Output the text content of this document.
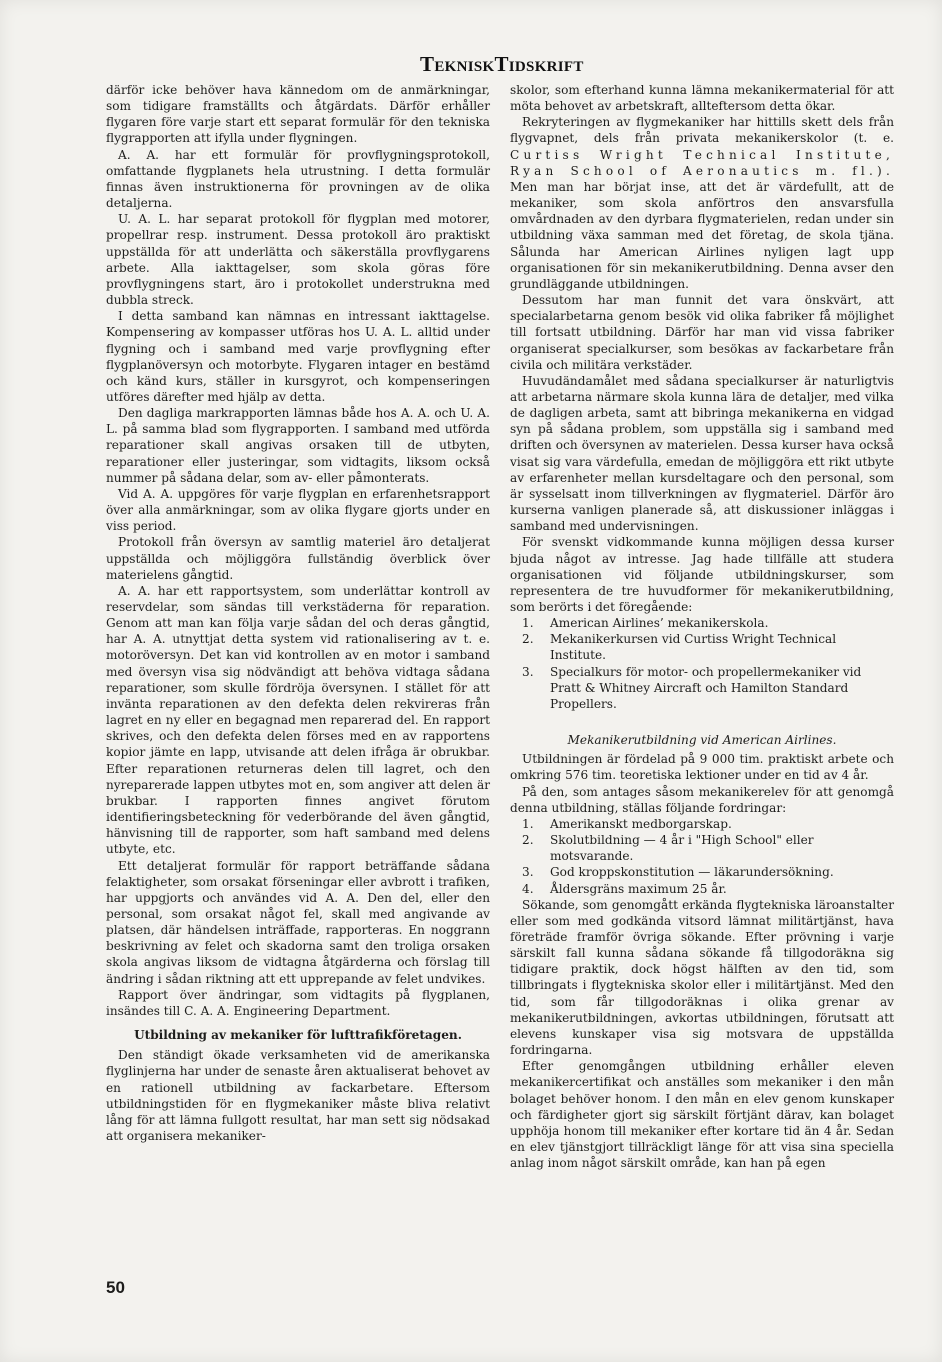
TEKNISKTIDSKRIFT

därför icke behöver hava kännedom om de anmärkningar, som tidigare framställts och åtgärdats. Därför erhåller flygaren före varje start ett separat formulär för den tekniska flygrapporten att ifylla under flygningen.

A. A. har ett formulär för provflygningsprotokoll, omfattande flygplanets hela utrustning. I detta formulär finnas även instruktionerna för provningen av de olika detaljerna.

U. A. L. har separat protokoll för flygplan med motorer, propellrar resp. instrument. Dessa protokoll äro praktiskt uppställda för att underlätta och säkerställa provflygarens arbete. Alla iakttagelser, som skola göras före provflygningens start, äro i protokollet understrukna med dubbla streck.

I detta samband kan nämnas en intressant iakttagelse. Kompensering av kompasser utföras hos U. A. L. alltid under flygning och i samband med varje provflygning efter flygplanöversyn och motorbyte. Flygaren intager en bestämd och känd kurs, ställer in kursgyrot, och kompenseringen utföres därefter med hjälp av detta.

Den dagliga markrapporten lämnas både hos A. A. och U. A. L. på samma blad som flygrapporten. I samband med utförda reparationer skall angivas orsaken till de utbyten, reparationer eller justeringar, som vidtagits, liksom också nummer på sådana delar, som av- eller påmonterats.

Vid A. A. uppgöres för varje flygplan en erfarenhetsrapport över alla anmärkningar, som av olika flygare gjorts under en viss period.

Protokoll från översyn av samtlig materiel äro detaljerat uppställda och möjliggöra fullständig överblick över materielens gångtid.

A. A. har ett rapportsystem, som underlättar kontroll av reservdelar, som sändas till verkstäderna för reparation. Genom att man kan följa varje sådan del och deras gångtid, har A. A. utnyttjat detta system vid rationalisering av t. e. motoröversyn. Det kan vid kontrollen av en motor i samband med översyn visa sig nödvändigt att behöva vidtaga sådana reparationer, som skulle fördröja översynen. I stället för att invänta reparationen av den defekta delen rekvireras från lagret en ny eller en begagnad men reparerad del. En rapport skrives, och den defekta delen förses med en av rapportens kopior jämte en lapp, utvisande att delen ifråga är obrukbar. Efter reparationen returneras delen till lagret, och den nyreparerade lappen utbytes mot en, som angiver att delen är brukbar. I rapporten finnes angivet förutom identifieringsbeteckning för vederbörande del även gångtid, hänvisning till de rapporter, som haft samband med delens utbyte, etc.

Ett detaljerat formulär för rapport beträffande sådana felaktigheter, som orsakat förseningar eller avbrott i trafiken, har uppgjorts och användes vid A. A. Den del, eller den personal, som orsakat något fel, skall med angivande av platsen, där händelsen inträffade, rapporteras. En noggrann beskrivning av felet och skadorna samt den troliga orsaken skola angivas liksom de vidtagna åtgärderna och förslag till ändring i sådan riktning att ett upprepande av felet undvikes.

Rapport över ändringar, som vidtagits på flygplanen, insändes till C. A. A. Engineering Department.

Utbildning av mekaniker för lufttrafikföretagen.

Den ständigt ökade verksamheten vid de amerikanska flyglinjerna har under de senaste åren aktualiserat behovet av en rationell utbildning av fackarbetare. Eftersom utbildningstiden för en flygmekaniker måste bliva relativt lång för att lämna fullgott resultat, har man sett sig nödsakad att organisera mekaniker-

skolor, som efterhand kunna lämna mekanikermaterial för att möta behovet av arbetskraft, allteftersom detta ökar.

Rekryteringen av flygmekaniker har hittills skett dels från flygvapnet, dels från privata mekanikerskolor (t. e. Curtiss Wright Technical Institute, Ryan School of Aeronautics m. fl.). Men man har börjat inse, att det är värdefullt, att de mekaniker, som skola anförtros den ansvarsfulla omvårdnaden av den dyrbara flygmaterielen, redan under sin utbildning växa samman med det företag, de skola tjäna. Sålunda har American Airlines nyligen lagt upp organisationen för sin mekanikerutbildning. Denna avser den grundläggande utbildningen.

Dessutom har man funnit det vara önskvärt, att specialarbetarna genom besök vid olika fabriker få möjlighet till fortsatt utbildning. Därför har man vid vissa fabriker organiserat specialkurser, som besökas av fackarbetare från civila och militära verkstäder.

Huvudändamålet med sådana specialkurser är naturligtvis att arbetarna närmare skola kunna lära de detaljer, med vilka de dagligen arbeta, samt att bibringa mekanikerna en vidgad syn på sådana problem, som uppställa sig i samband med driften och översynen av materielen. Dessa kurser hava också visat sig vara värdefulla, emedan de möjliggöra ett rikt utbyte av erfarenheter mellan kursdeltagare och den personal, som är sysselsatt inom tillverkningen av flygmateriel. Därför äro kurserna vanligen planerade så, att diskussioner inläggas i samband med undervisningen.

För svenskt vidkommande kunna möjligen dessa kurser bjuda något av intresse. Jag hade tillfälle att studera organisationen vid följande utbildningskurser, som representera de tre huvudformer för mekanikerutbildning, som berörts i det föregående:

1.	American Airlines’ mekanikerskola.
2.	Mekanikerkursen vid Curtiss Wright Technical Institute.
3.	Specialkurs för motor- och propellermekaniker vid Pratt & Whitney Aircraft och Hamilton Standard Propellers.
Mekanikerutbildning vid American Airlines.

Utbildningen är fördelad på 9 000 tim. praktiskt arbete och omkring 576 tim. teoretiska lektioner under en tid av 4 år.

På den, som antages såsom mekanikerelev för att genomgå denna utbildning, ställas följande fordringar:

1.	Amerikanskt medborgarskap.
2.	Skolutbildning — 4 år i "High School" eller motsvarande.
3.	God kroppskonstitution — läkarundersökning.
4.	Åldersgräns maximum 25 år.

Sökande, som genomgått erkända flygtekniska läroanstalter eller som med godkända vitsord lämnat militärtjänst, hava företräde framför övriga sökande. Efter prövning i varje särskilt fall kunna sådana sökande få tillgodoräkna sig tidigare praktik, dock högst hälften av den tid, som tillbringats i flygtekniska skolor eller i militärtjänst. Med den tid, som får tillgodoräknas i olika grenar av mekanikerutbildningen, avkortas utbildningen, förutsatt att elevens kunskaper visa sig motsvara de uppställda fordringarna.

Efter genomgången utbildning erhåller eleven mekanikercertifikat och anställes som mekaniker i den mån bolaget behöver honom. I den mån en elev genom kunskaper och färdigheter gjort sig särskilt förtjänt därav, kan bolaget upphöja honom till mekaniker efter kortare tid än 4 år. Sedan en elev tjänstgjort tillräckligt länge för att visa sina speciella anlag inom något särskilt område, kan han på egen

50
